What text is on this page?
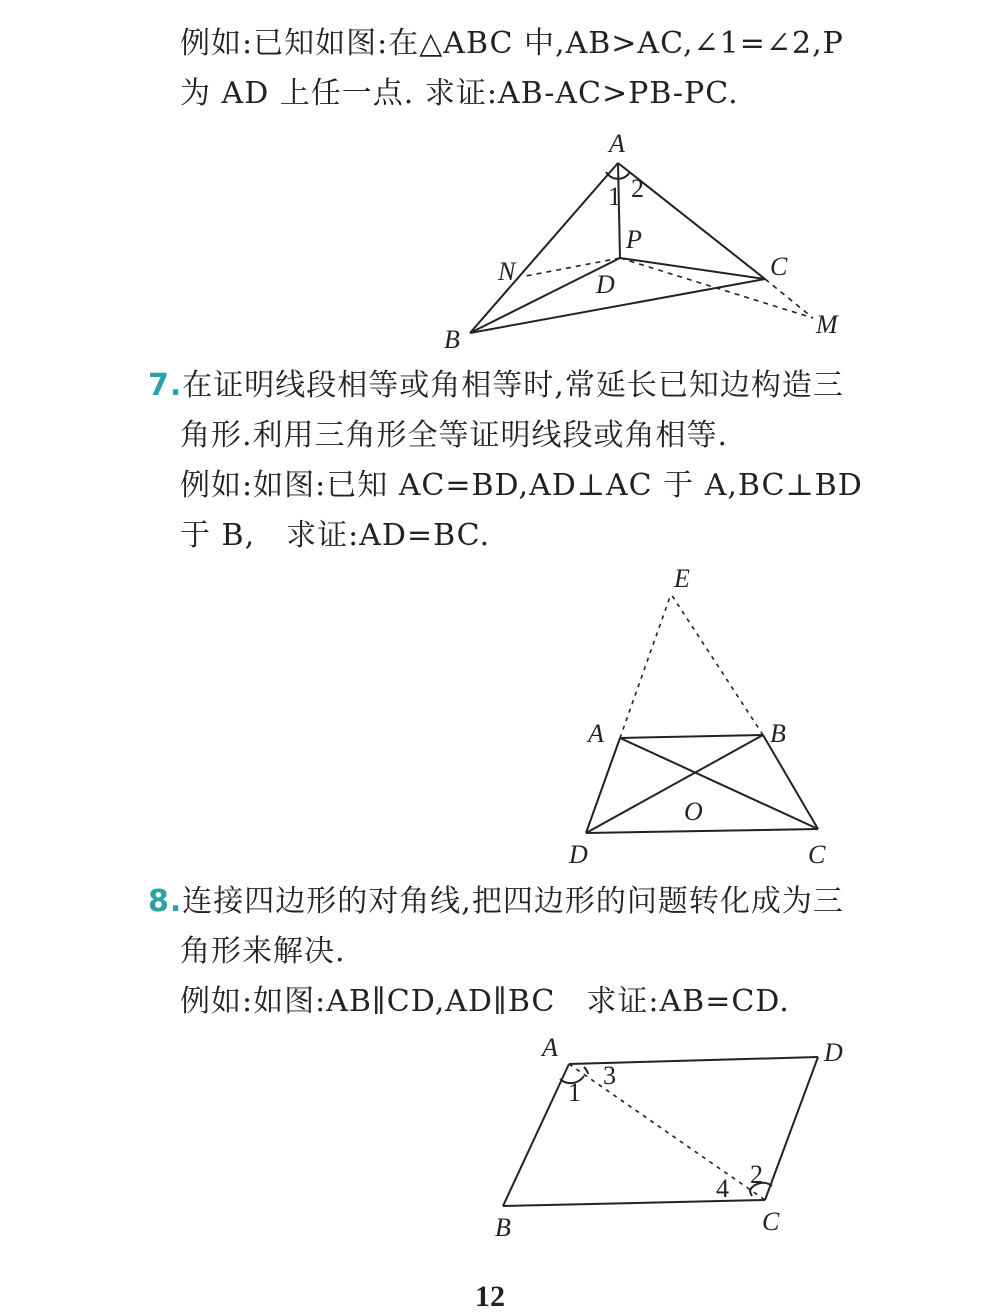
例如:已知如图:在△ABC 中,AB>AC,∠1=∠2,P
为 AD 上任一点. 求证:AB-AC>PB-PC.
A
B
C
D
P
N
M
1 2
7.在证明线段相等或角相等时,常延长已知边构造三
角形.利用三角形全等证明线段或角相等.
例如:如图:已知 AC=BD,AD⊥AC 于 A,BC⊥BD
于 B,　求证:AD=BC.
E
A	B
O
D	C
8.连接四边形的对角线,把四边形的问题转化成为三
角形来解决.
例如:如图:AB∥CD,AD∥BC　求证:AB=CD.
A	D
B	C
1
3
2
4
12
